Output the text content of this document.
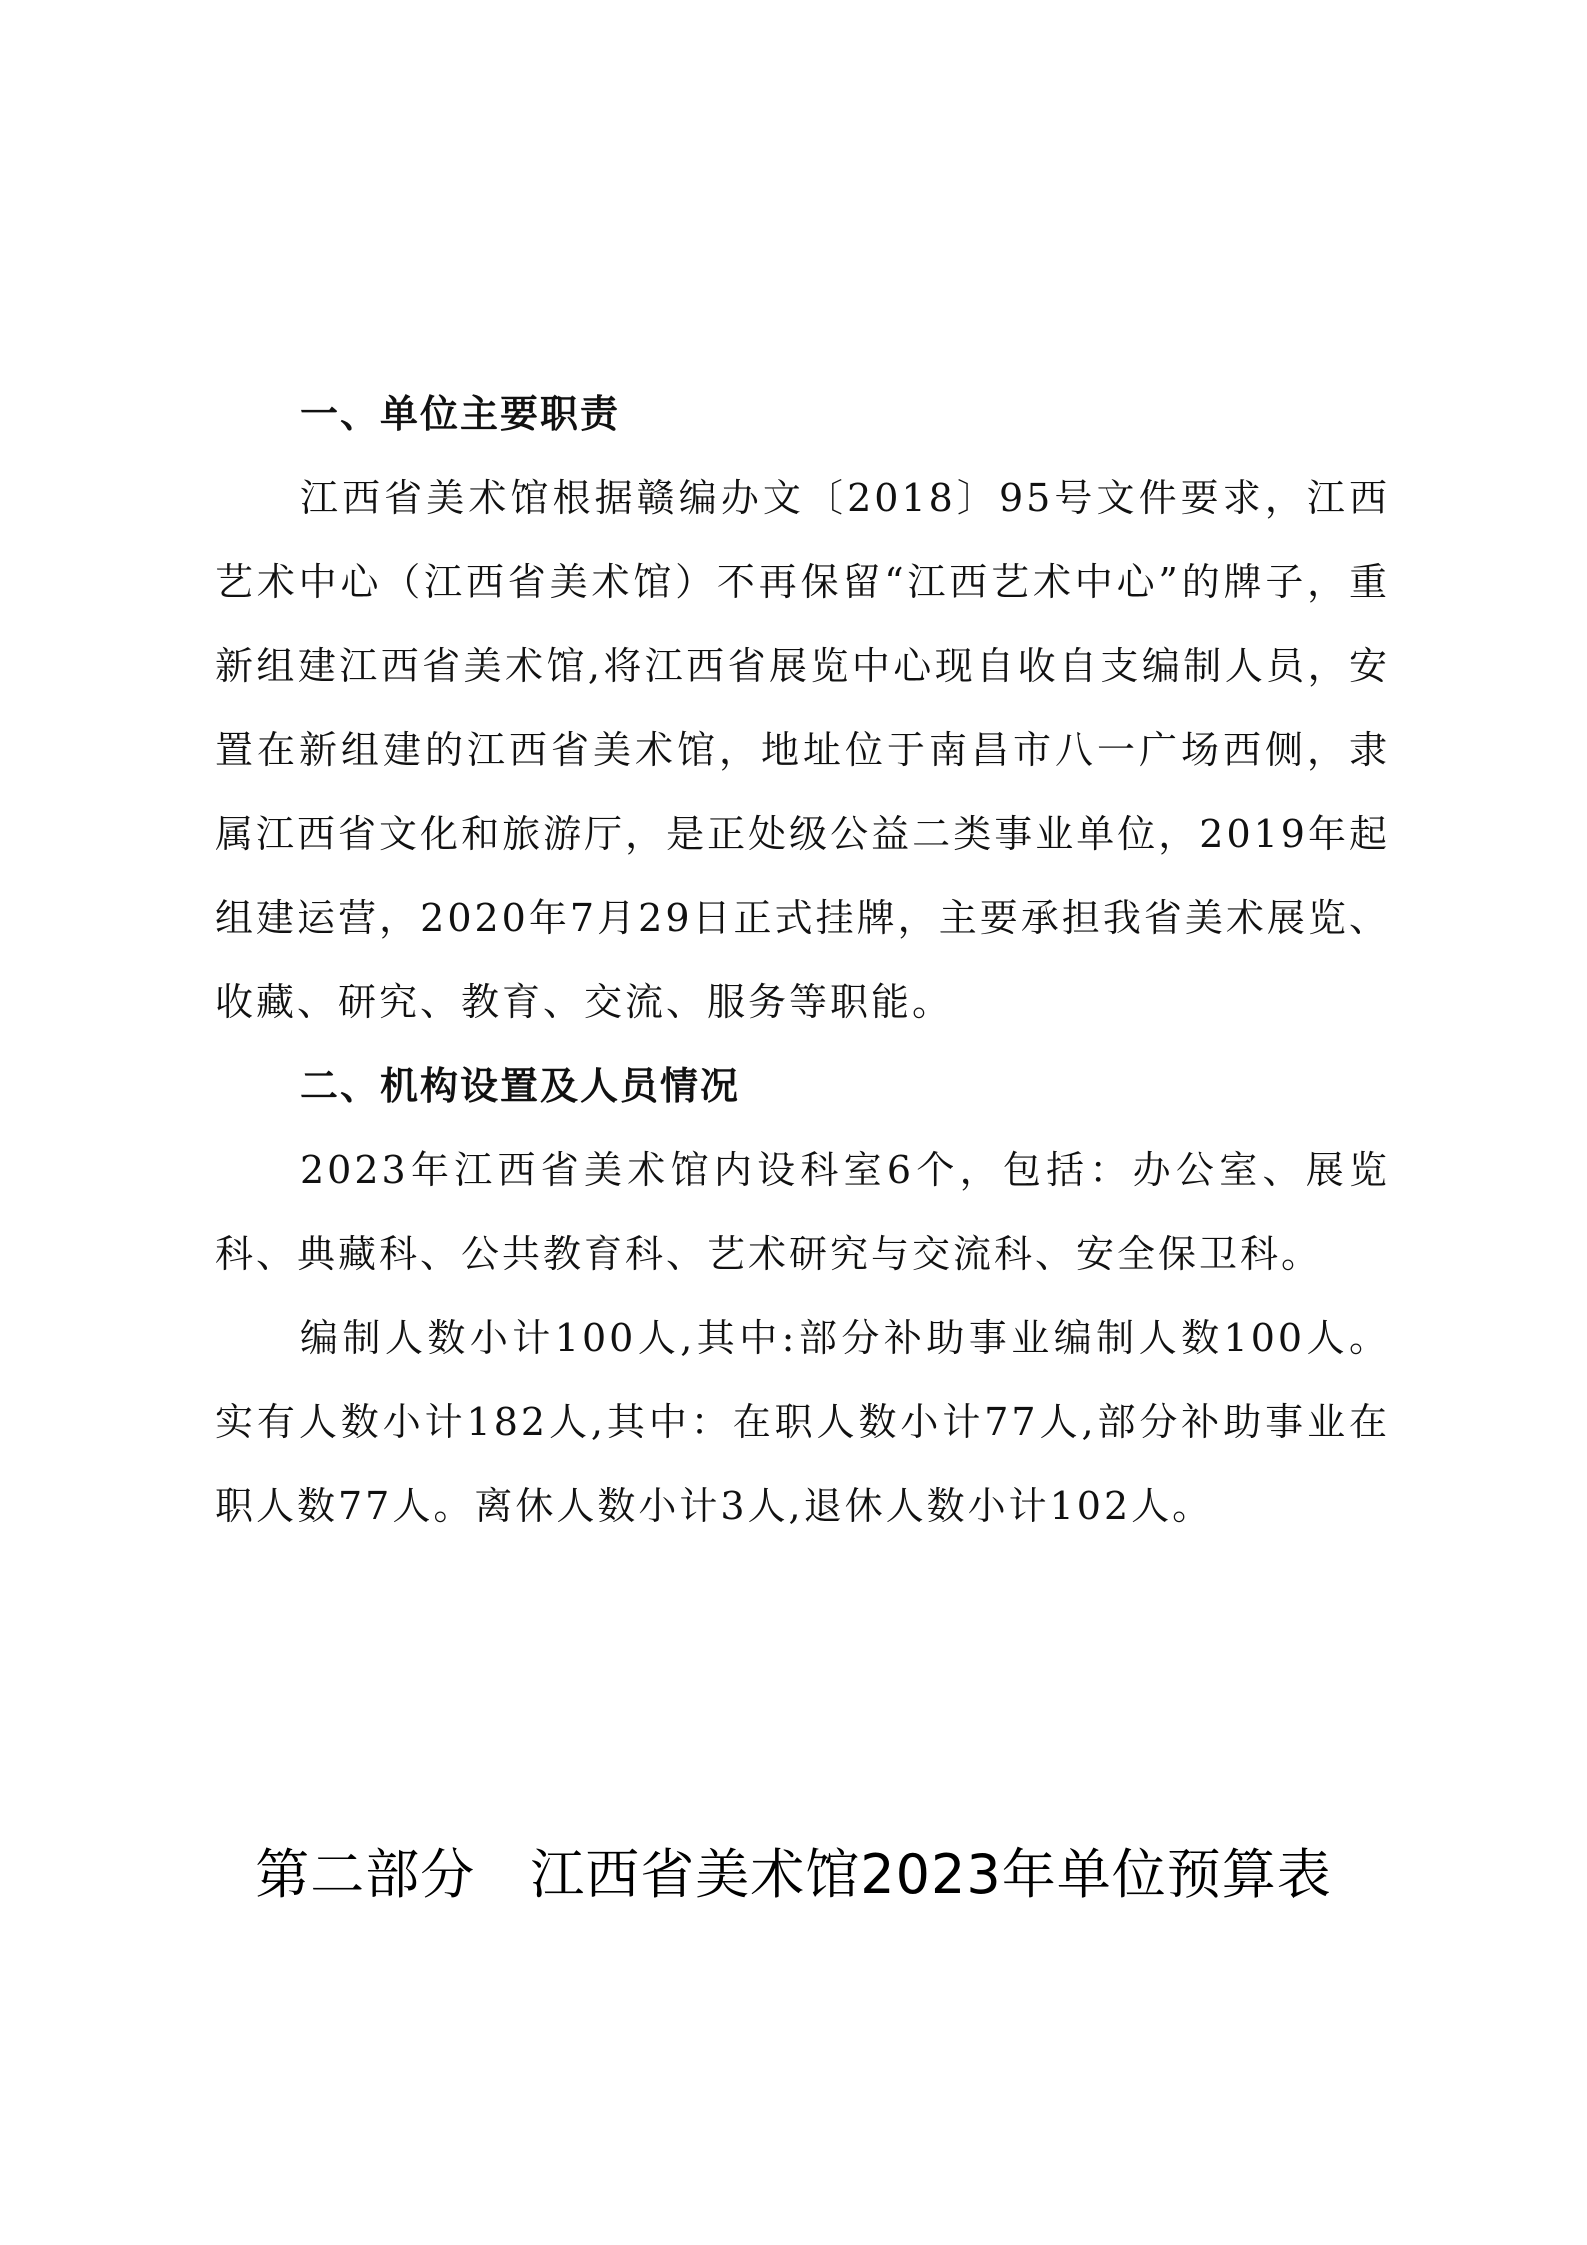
一、单位主要职责

江西省美术馆根据赣编办文〔2018〕95号文件要求，江西艺术中心（江西省美术馆）不再保留“江西艺术中心”的牌子，重新组建江西省美术馆,将江西省展览中心现自收自支编制人员，安置在新组建的江西省美术馆，地址位于南昌市八一广场西侧，隶属江西省文化和旅游厅，是正处级公益二类事业单位，2019年起组建运营，2020年7月29日正式挂牌，主要承担我省美术展览、收藏、研究、教育、交流、服务等职能。

二、机构设置及人员情况

2023年江西省美术馆内设科室6个，包括：办公室、展览科、典藏科、公共教育科、艺术研究与交流科、安全保卫科。

编制人数小计100人,其中:部分补助事业编制人数100人。实有人数小计182人,其中：在职人数小计77人,部分补助事业在职人数77人。离休人数小计3人,退休人数小计102人。

第二部分　江西省美术馆2023年单位预算表
